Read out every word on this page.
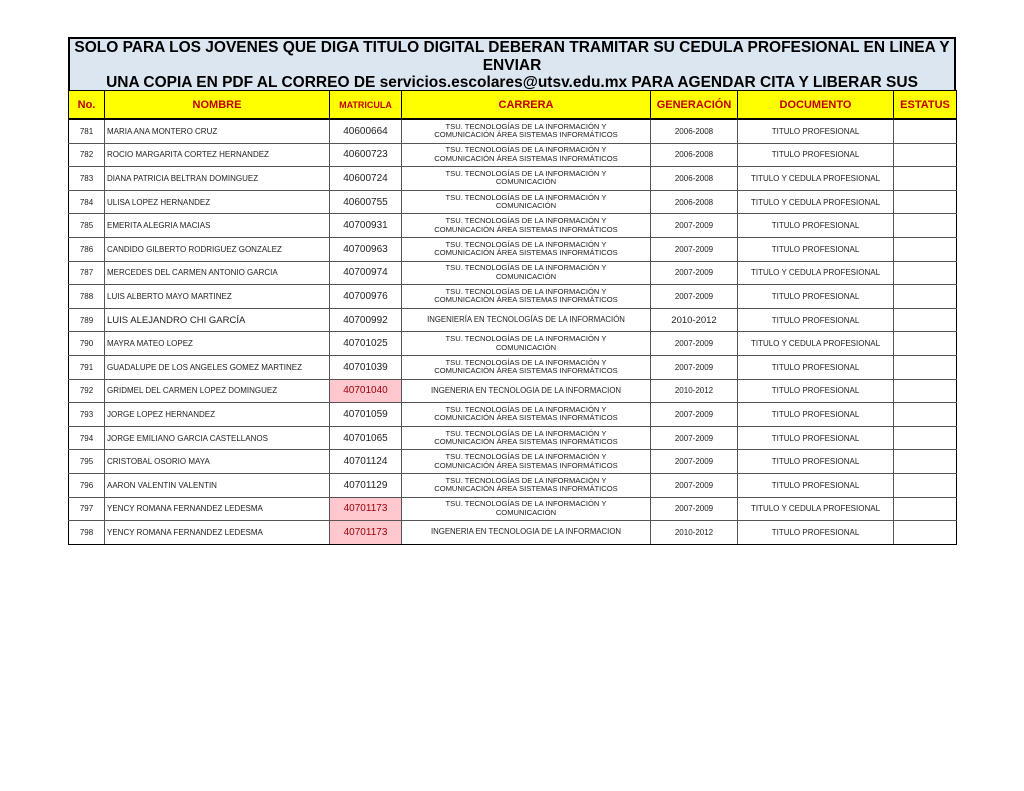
SOLO PARA LOS JOVENES QUE DIGA TITULO DIGITAL DEBERAN TRAMITAR SU CEDULA PROFESIONAL EN LINEA Y ENVIAR
UNA COPIA EN PDF AL CORREO DE servicios.escolares@utsv.edu.mx PARA AGENDAR CITA Y LIBERAR SUS
No.	NOMBRE	MATRICULA	CARRERA	GENERACIÓN	DOCUMENTO	ESTATUS
781	MARIA ANA MONTERO CRUZ	40600664	TSU. TECNOLOGÍAS DE LA INFORMACIÓN Y
COMUNICACIÓN ÁREA SISTEMAS INFORMÁTICOS	2006-2008	TITULO PROFESIONAL	
782	ROCIO MARGARITA CORTEZ HERNANDEZ	40600723	TSU. TECNOLOGÍAS DE LA INFORMACIÓN Y
COMUNICACIÓN ÁREA SISTEMAS INFORMÁTICOS	2006-2008	TITULO PROFESIONAL	
783	DIANA PATRICIA BELTRAN DOMINGUEZ	40600724	TSU. TECNOLOGÍAS DE LA INFORMACIÓN Y
COMUNICACIÓN	2006-2008	TITULO Y CEDULA PROFESIONAL	
784	ULISA LOPEZ HERNANDEZ	40600755	TSU. TECNOLOGÍAS DE LA INFORMACIÓN Y
COMUNICACIÓN	2006-2008	TITULO Y CEDULA PROFESIONAL	
785	EMERITA ALEGRIA MACIAS	40700931	TSU. TECNOLOGÍAS DE LA INFORMACIÓN Y
COMUNICACIÓN ÁREA SISTEMAS INFORMÁTICOS	2007-2009	TITULO PROFESIONAL	
786	CANDIDO GILBERTO RODRIGUEZ GONZALEZ	40700963	TSU. TECNOLOGÍAS DE LA INFORMACIÓN Y
COMUNICACIÓN ÁREA SISTEMAS INFORMÁTICOS	2007-2009	TITULO PROFESIONAL	
787	MERCEDES DEL CARMEN ANTONIO GARCIA	40700974	TSU. TECNOLOGÍAS DE LA INFORMACIÓN Y
COMUNICACIÓN	2007-2009	TITULO Y CEDULA PROFESIONAL	
788	LUIS ALBERTO MAYO MARTINEZ	40700976	TSU. TECNOLOGÍAS DE LA INFORMACIÓN Y
COMUNICACIÓN ÁREA SISTEMAS INFORMÁTICOS	2007-2009	TITULO PROFESIONAL	
789	LUIS ALEJANDRO CHI GARCÍA	40700992	INGENIERÍA EN TECNOLOGÍAS DE LA INFORMACIÓN	2010-2012	TITULO PROFESIONAL	
790	MAYRA MATEO LOPEZ	40701025	TSU. TECNOLOGÍAS DE LA INFORMACIÓN Y
COMUNICACIÓN	2007-2009	TITULO Y CEDULA PROFESIONAL	
791	GUADALUPE DE LOS ANGELES GOMEZ MARTINEZ	40701039	TSU. TECNOLOGÍAS DE LA INFORMACIÓN Y
COMUNICACIÓN ÁREA SISTEMAS INFORMÁTICOS	2007-2009	TITULO PROFESIONAL	
792	GRIDMEL DEL CARMEN LOPEZ DOMINGUEZ	40701040	INGENERIA EN TECNOLOGIA DE LA INFORMACION	2010-2012	TITULO PROFESIONAL	
793	JORGE LOPEZ HERNANDEZ	40701059	TSU. TECNOLOGÍAS DE LA INFORMACIÓN Y
COMUNICACIÓN ÁREA SISTEMAS INFORMÁTICOS	2007-2009	TITULO PROFESIONAL	
794	JORGE EMILIANO GARCIA CASTELLANOS	40701065	TSU. TECNOLOGÍAS DE LA INFORMACIÓN Y
COMUNICACIÓN ÁREA SISTEMAS INFORMÁTICOS	2007-2009	TITULO PROFESIONAL	
795	CRISTOBAL OSORIO MAYA	40701124	TSU. TECNOLOGÍAS DE LA INFORMACIÓN Y
COMUNICACIÓN ÁREA SISTEMAS INFORMÁTICOS	2007-2009	TITULO PROFESIONAL	
796	AARON VALENTIN VALENTIN	40701129	TSU. TECNOLOGÍAS DE LA INFORMACIÓN Y
COMUNICACIÓN ÁREA SISTEMAS INFORMÁTICOS	2007-2009	TITULO PROFESIONAL	
797	YENCY ROMANA FERNANDEZ LEDESMA	40701173	TSU. TECNOLOGÍAS DE LA INFORMACIÓN Y
COMUNICACIÓN	2007-2009	TITULO Y CEDULA PROFESIONAL	
798	YENCY ROMANA FERNANDEZ LEDESMA	40701173	INGENERIA EN TECNOLOGIA DE LA INFORMACION	2010-2012	TITULO PROFESIONAL	
